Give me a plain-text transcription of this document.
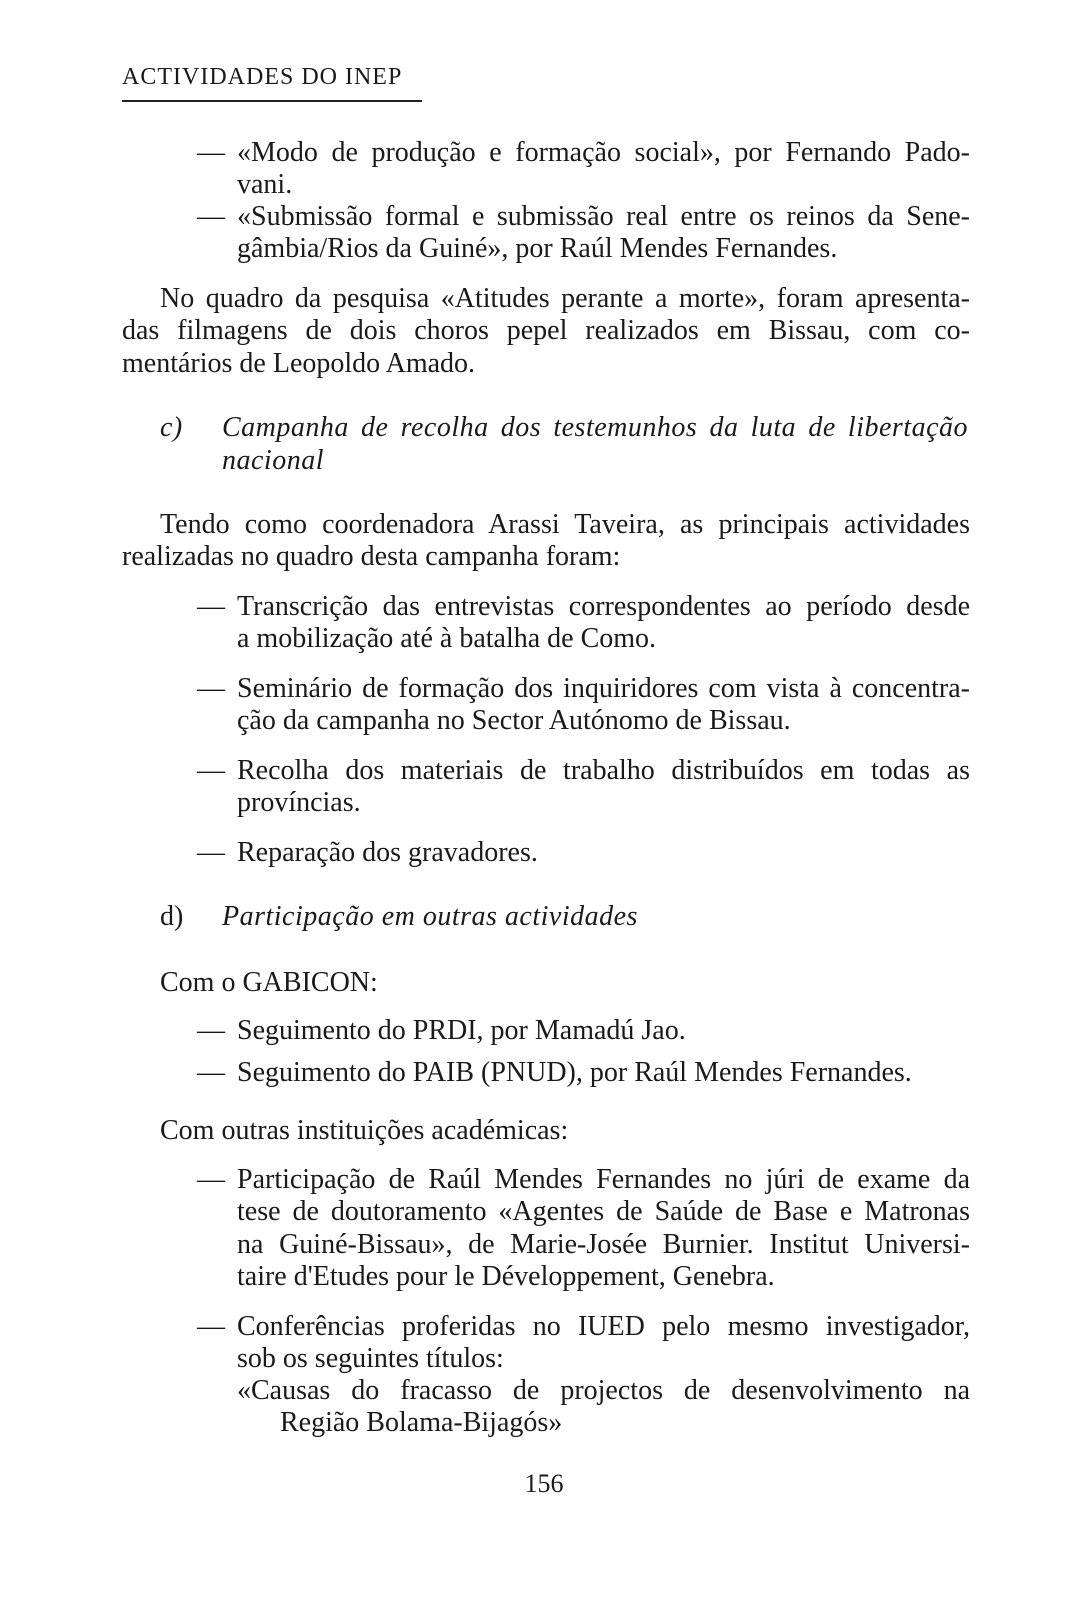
ACTIVIDADES DO INEP
— «Modo de produção e formação social», por Fernando Pado-
vani.
— «Submissão formal e submissão real entre os reinos da Sene-
gâmbia/Rios da Guiné», por Raúl Mendes Fernandes.
No quadro da pesquisa «Atitudes perante a morte», foram apresenta-
das filmagens de dois choros pepel realizados em Bissau, com co-
mentários de Leopoldo Amado.
c) Campanha de recolha dos testemunhos da luta de libertação
nacional
Tendo como coordenadora Arassi Taveira, as principais actividades
realizadas no quadro desta campanha foram:
— Transcrição das entrevistas correspondentes ao período desde
a mobilização até à batalha de Como.
— Seminário de formação dos inquiridores com vista à concentra-
ção da campanha no Sector Autónomo de Bissau.
— Recolha dos materiais de trabalho distribuídos em todas as
províncias.
— Reparação dos gravadores.
d) Participação em outras actividades
Com o GABICON:
— Seguimento do PRDI, por Mamadú Jao.
— Seguimento do PAIB (PNUD), por Raúl Mendes Fernandes.
Com outras instituições académicas:
— Participação de Raúl Mendes Fernandes no júri de exame da
tese de doutoramento «Agentes de Saúde de Base e Matronas
na Guiné-Bissau», de Marie-Josée Burnier. Institut Universi-
taire d'Etudes pour le Développement, Genebra.
— Conferências proferidas no IUED pelo mesmo investigador,
sob os seguintes títulos:
«Causas do fracasso de projectos de desenvolvimento na
Região Bolama-Bijagós»
156
